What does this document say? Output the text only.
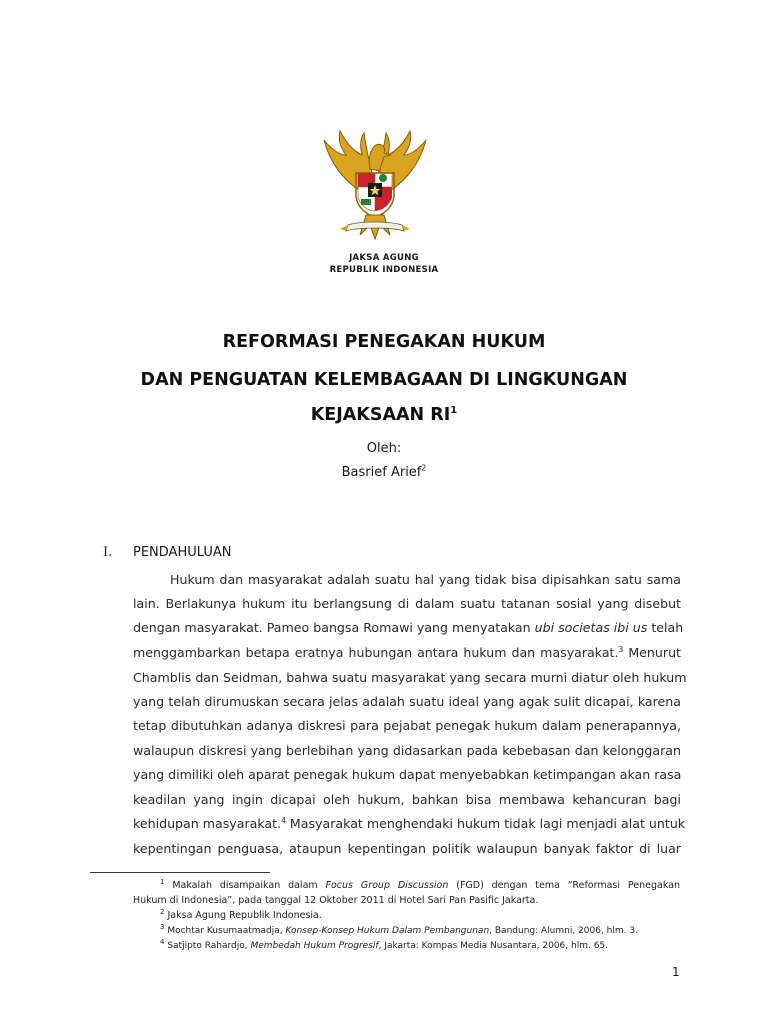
JAKSA AGUNG
REPUBLIK INDONESIA
REFORMASI PENEGAKAN HUKUM
DAN PENGUATAN KELEMBAGAAN DI LINGKUNGAN
KEJAKSAAN $RI^1$
Oleh:
Basrief Arief$^2$
I. PENDAHULUAN
Hukum dan masyarakat adalah suatu hal yang tidak bisa dipisahkan satu sama
lain. Berlakunya hukum itu berlangsung di dalam suatu tatanan sosial yang disebut
dengan masyarakat. Pameo bangsa Romawi yang menyatakan ubi societas ibi us telah
menggambarkan betapa eratnya hubungan antara hukum dan masyarakat.$^3$ Menurut
Chamblis dan Seidman, bahwa suatu masyarakat yang secara murni diatur oleh hukum
yang telah dirumuskan secara jelas adalah suatu ideal yang agak sulit dicapai, karena
tetap dibutuhkan adanya diskresi para pejabat penegak hukum dalam penerapannya,
walaupun diskresi yang berlebihan yang didasarkan pada kebebasan dan kelonggaran
yang dimiliki oleh aparat penegak hukum dapat menyebabkan ketimpangan akan rasa
keadilan yang ingin dicapai oleh hukum, bahkan bisa membawa kehancuran bagi
kehidupan masyarakat.$^4$ Masyarakat menghendaki hukum tidak lagi menjadi alat untuk
kepentingan penguasa, ataupun kepentingan politik walaupun banyak faktor di luar
$^1$ Makalah disampaikan dalam Focus Group Discussion (FGD) dengan tema “Reformasi Penegakan
Hukum di Indonesia”, pada tanggal 12 Oktober 2011 di Hotel Sari Pan Pasific Jakarta.
$^2$ Jaksa Agung Republik Indonesia.
$^3$ Mochtar Kusumaatmadja, Konsep-Konsep Hukum Dalam Pembangunan, Bandung: Alumni, 2006, hlm. 3.
$^4$ Satjipto Rahardjo, Membedah Hukum Progresif, Jakarta: Kompas Media Nusantara, 2006, hlm. 65.
1
